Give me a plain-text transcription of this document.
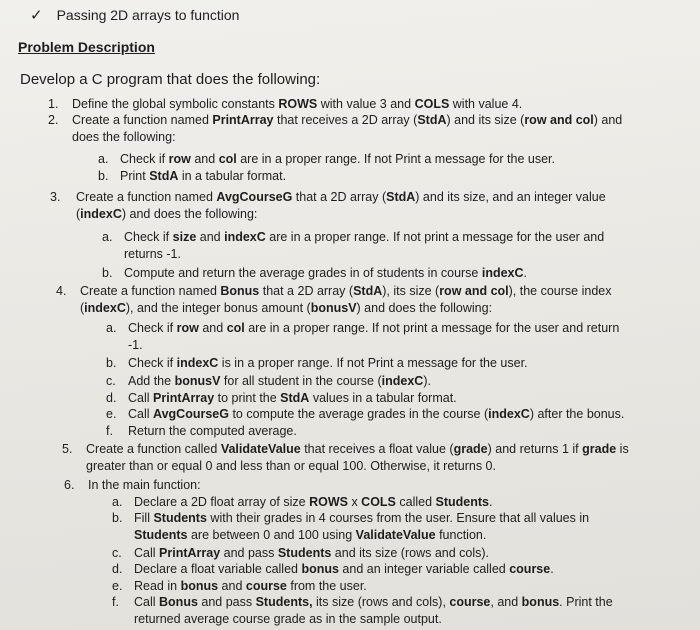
✓ Passing 2D arrays to function
Problem Description
Develop a C program that does the following:
1. Define the global symbolic constants ROWS with value 3 and COLS with value 4.
2. Create a function named PrintArray that receives a 2D array (StdA) and its size (row and col) and
does the following:
a. Check if row and col are in a proper range. If not Print a message for the user.
b. Print StdA in a tabular format.
3. Create a function named AvgCourseG that a 2D array (StdA) and its size, and an integer value
(indexC) and does the following:
a. Check if size and indexC are in a proper range. If not print a message for the user and
returns -1.
b. Compute and return the average grades in of students in course indexC.
4. Create a function named Bonus that a 2D array (StdA), its size (row and col), the course index
(indexC), and the integer bonus amount (bonusV) and does the following:
a. Check if row and col are in a proper range. If not print a message for the user and return
-1.
b. Check if indexC is in a proper range. If not Print a message for the user.
c. Add the bonusV for all student in the course (indexC).
d. Call PrintArray to print the StdA values in a tabular format.
e. Call AvgCourseG to compute the average grades in the course (indexC) after the bonus.
f. Return the computed average.
5. Create a function called ValidateValue that receives a float value (grade) and returns 1 if grade is
greater than or equal 0 and less than or equal 100. Otherwise, it returns 0.
6. In the main function:
a. Declare a 2D float array of size ROWS x COLS called Students.
b. Fill Students with their grades in 4 courses from the user. Ensure that all values in
Students are between 0 and 100 using ValidateValue function.
c. Call PrintArray and pass Students and its size (rows and cols).
d. Declare a float variable called bonus and an integer variable called course.
e. Read in bonus and course from the user.
f. Call Bonus and pass Students, its size (rows and cols), course, and bonus. Print the
returned average course grade as in the sample output.
